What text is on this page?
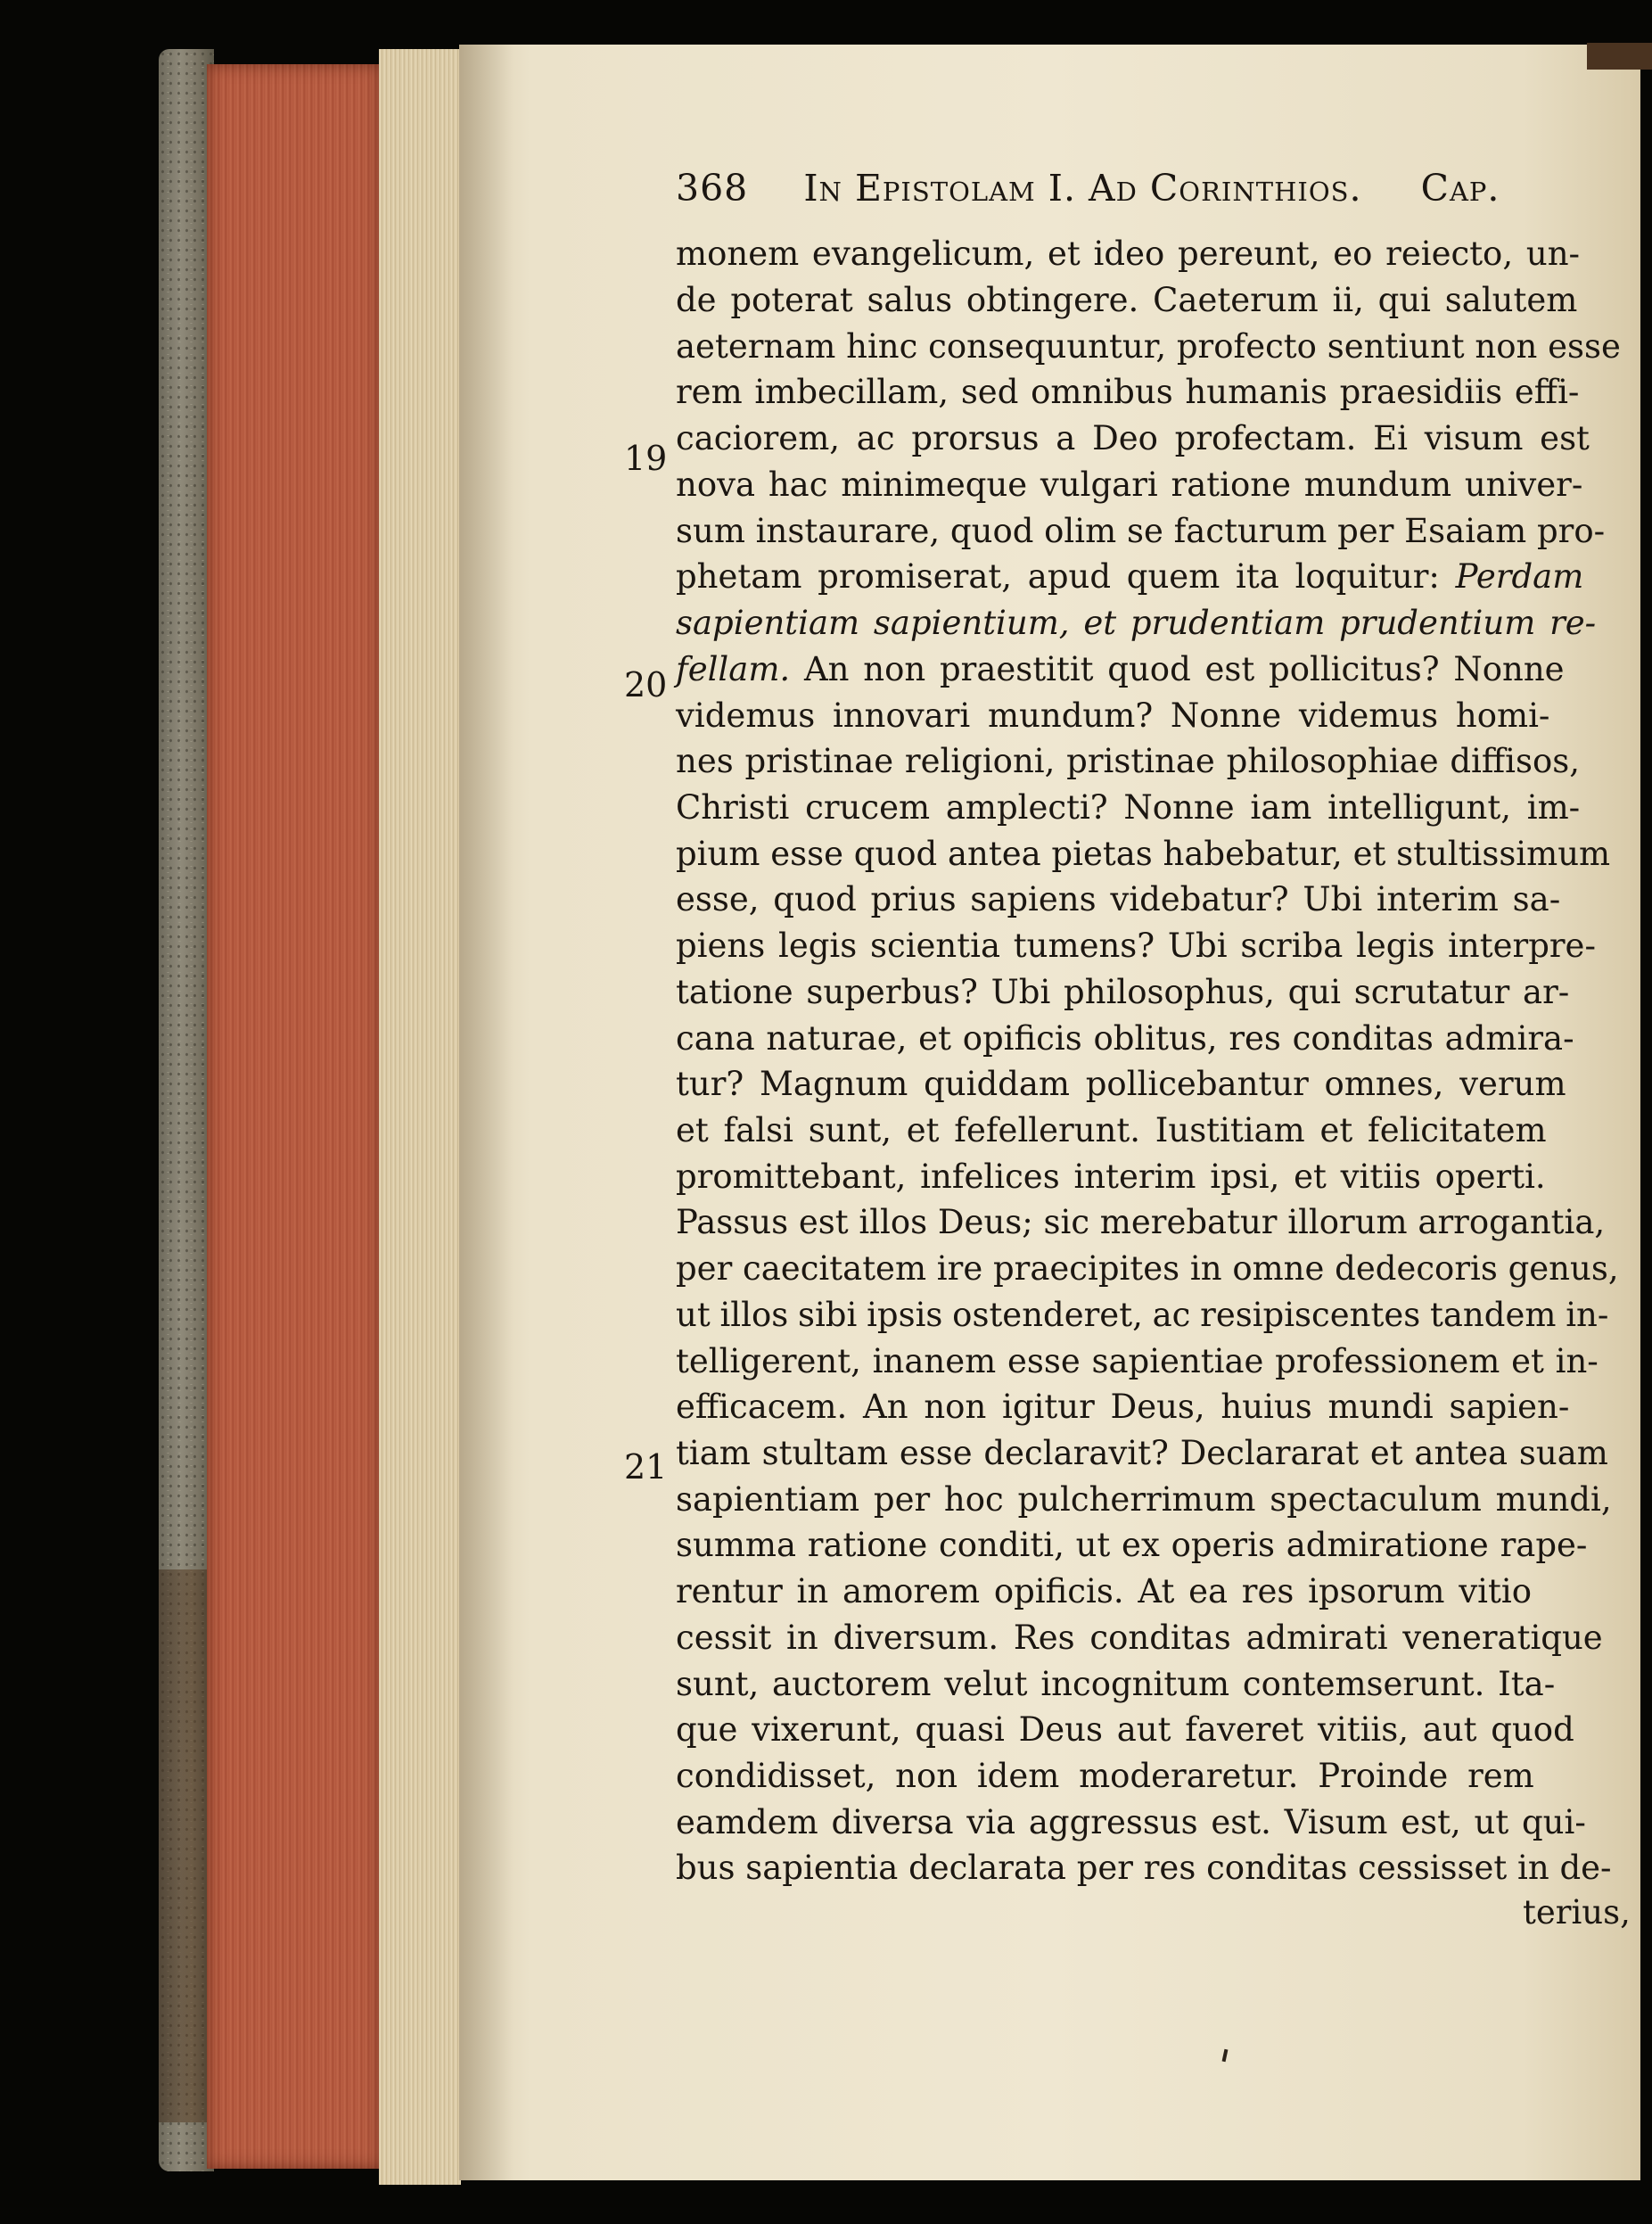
368 In Epistolam I. Ad Corinthios. Cap.
19
20
21

monem evangelicum, et ideo pereunt, eo reiecto, un-

de poterat salus obtingere. Caeterum ii, qui salutem

aeternam hinc consequuntur, profecto sentiunt non esse

rem imbecillam, sed omnibus humanis praesidiis effi-

caciorem, ac prorsus a Deo profectam. Ei visum est

nova hac minimeque vulgari ratione mundum univer-

sum instaurare, quod olim se facturum per Esaiam pro-

phetam promiserat, apud quem ita loquitur: Perdam

sapientiam sapientium, et prudentiam prudentium re-

fellam. An non praestitit quod est pollicitus? Nonne

videmus innovari mundum? Nonne videmus homi-

nes pristinae religioni, pristinae philosophiae diffisos,

Christi crucem amplecti? Nonne iam intelligunt, im-

pium esse quod antea pietas habebatur, et stultissimum

esse, quod prius sapiens videbatur? Ubi interim sa-

piens legis scientia tumens? Ubi scriba legis interpre-

tatione superbus? Ubi philosophus, qui scrutatur ar-

cana naturae, et opificis oblitus, res conditas admira-

tur? Magnum quiddam pollicebantur omnes, verum

et falsi sunt, et fefellerunt. Iustitiam et felicitatem

promittebant, infelices interim ipsi, et vitiis operti.

Passus est illos Deus; sic merebatur illorum arrogantia,

per caecitatem ire praecipites in omne dedecoris genus,

ut illos sibi ipsis ostenderet, ac resipiscentes tandem in-

telligerent, inanem esse sapientiae professionem et in-

efficacem. An non igitur Deus, huius mundi sapien-

tiam stultam esse declaravit? Declararat et antea suam

sapientiam per hoc pulcherrimum spectaculum mundi,

summa ratione conditi, ut ex operis admiratione rape-

rentur in amorem opificis. At ea res ipsorum vitio

cessit in diversum. Res conditas admirati veneratique

sunt, auctorem velut incognitum contemserunt. Ita-

que vixerunt, quasi Deus aut faveret vitiis, aut quod

condidisset, non idem moderaretur. Proinde rem

eamdem diversa via aggressus est. Visum est, ut qui-

bus sapientia declarata per res conditas cessisset in de-

terius,
